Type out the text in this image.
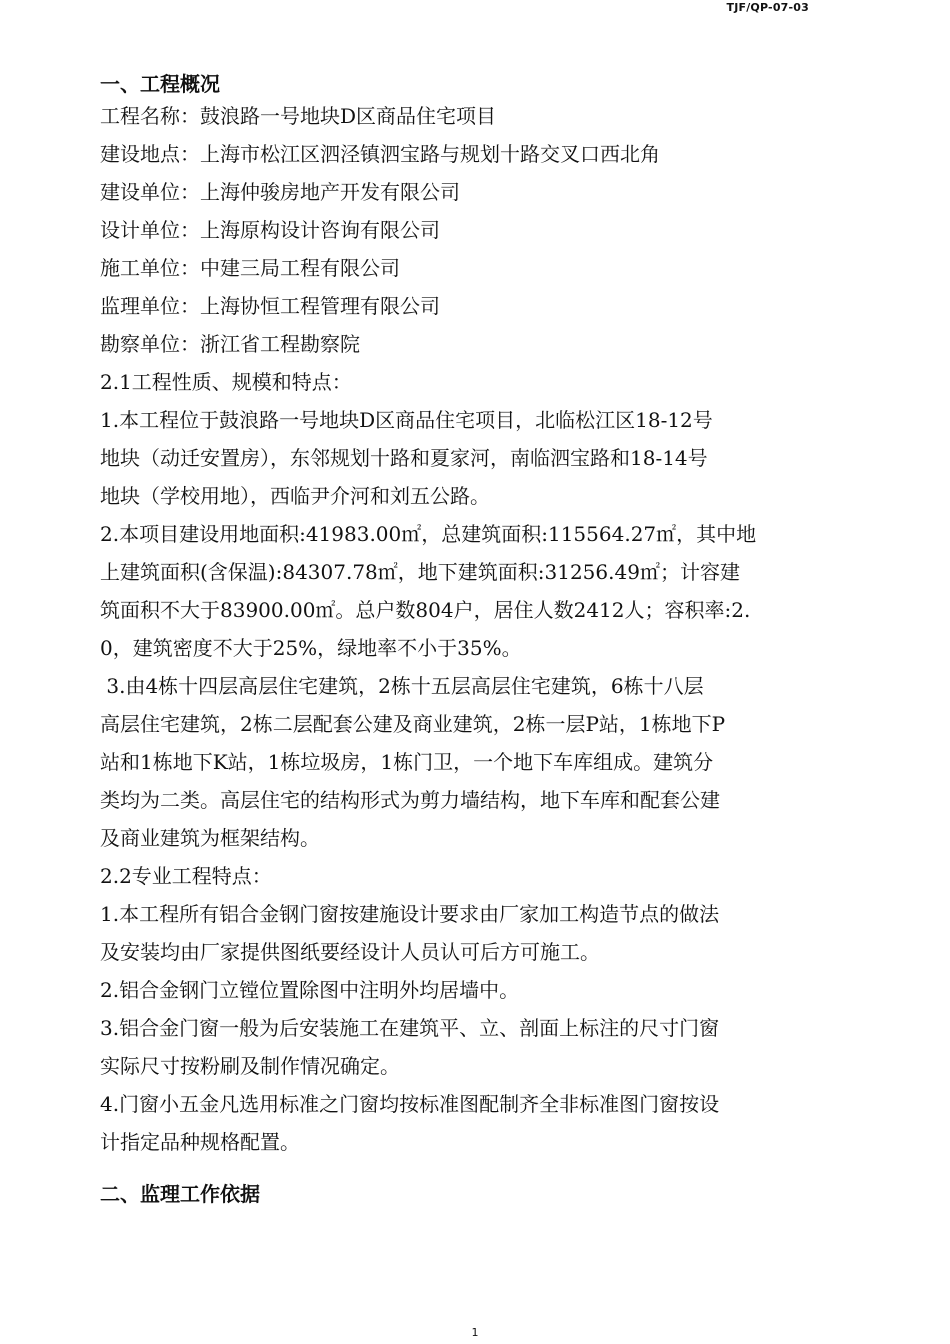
TJF/QP-07-03
一、工程概况
工程名称：鼓浪路一号地块D区商品住宅项目
建设地点：上海市松江区泗泾镇泗宝路与规划十路交叉口西北角
建设单位：上海仲骏房地产开发有限公司
设计单位：上海原构设计咨询有限公司
施工单位：中建三局工程有限公司
监理单位：上海协恒工程管理有限公司
勘察单位：浙江省工程勘察院
2.1工程性质、规模和特点：
1.本工程位于鼓浪路一号地块D区商品住宅项目，北临松江区18-12号
地块（动迁安置房），东邻规划十路和夏家河，南临泗宝路和18-14号
地块（学校用地），西临尹介河和刘五公路。
2.本项目建设用地面积:41983.00㎡，总建筑面积:115564.27㎡，其中地
上建筑面积(含保温):84307.78㎡，地下建筑面积:31256.49㎡；计容建
筑面积不大于83900.00㎡。总户数804户，居住人数2412人；容积率:2.
0，建筑密度不大于25%，绿地率不小于35%。
3.由4栋十四层高层住宅建筑，2栋十五层高层住宅建筑，6栋十八层
高层住宅建筑，2栋二层配套公建及商业建筑，2栋一层P站，1栋地下P
站和1栋地下K站，1栋垃圾房，1栋门卫，一个地下车库组成。建筑分
类均为二类。高层住宅的结构形式为剪力墙结构，地下车库和配套公建
及商业建筑为框架结构。
2.2专业工程特点：
1.本工程所有铝合金钢门窗按建施设计要求由厂家加工构造节点的做法
及安装均由厂家提供图纸要经设计人员认可后方可施工。
2.铝合金钢门立镗位置除图中注明外均居墙中。
3.铝合金门窗一般为后安装施工在建筑平、立、剖面上标注的尺寸门窗
实际尺寸按粉刷及制作情况确定。
4.门窗小五金凡选用标准之门窗均按标准图配制齐全非标准图门窗按设
计指定品种规格配置。
二、监理工作依据
1
